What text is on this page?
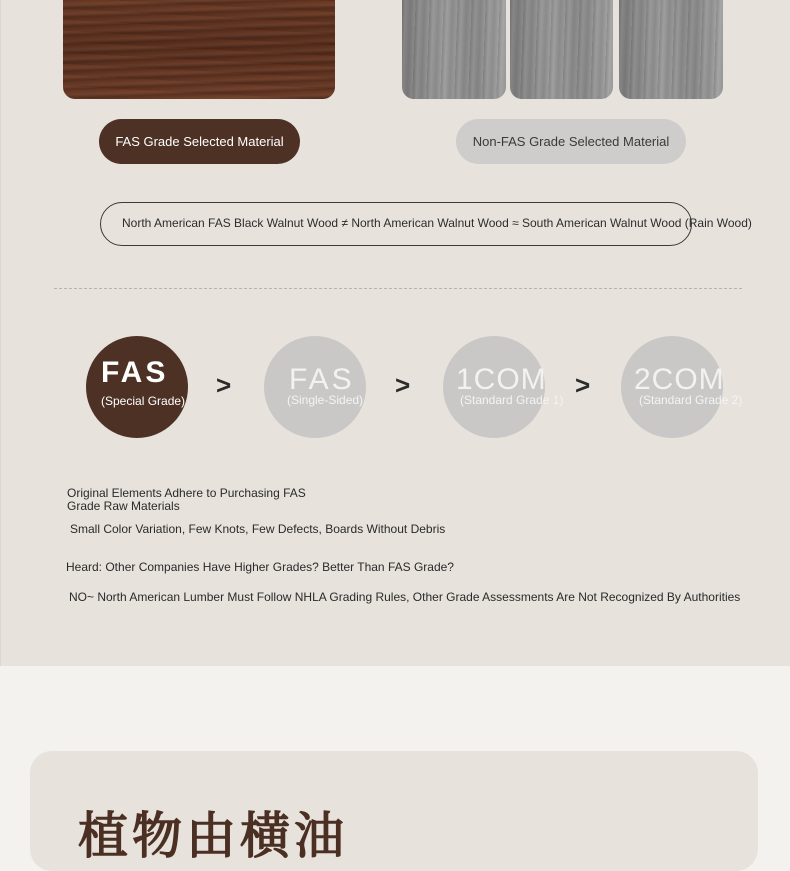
FAS Grade Selected Material	Non-FAS Grade Selected Material
North American FAS Black Walnut Wood ≠ North American Walnut Wood ≈ South American Walnut Wood (Rain Wood)
FAS
(Special Grade)
> FAS
(Single-Sided) > 1COM
(Standard Grade 1) > 2COM
(Standard Grade 2)
Original Elements Adhere to Purchasing FAS
Grade Raw Materials
Small Color Variation, Few Knots, Few Defects, Boards Without Debris
Heard: Other Companies Have Higher Grades? Better Than FAS Grade?
NO~ North American Lumber Must Follow NHLA Grading Rules, Other Grade Assessments Are Not Recognized By Authorities
植物由横油
